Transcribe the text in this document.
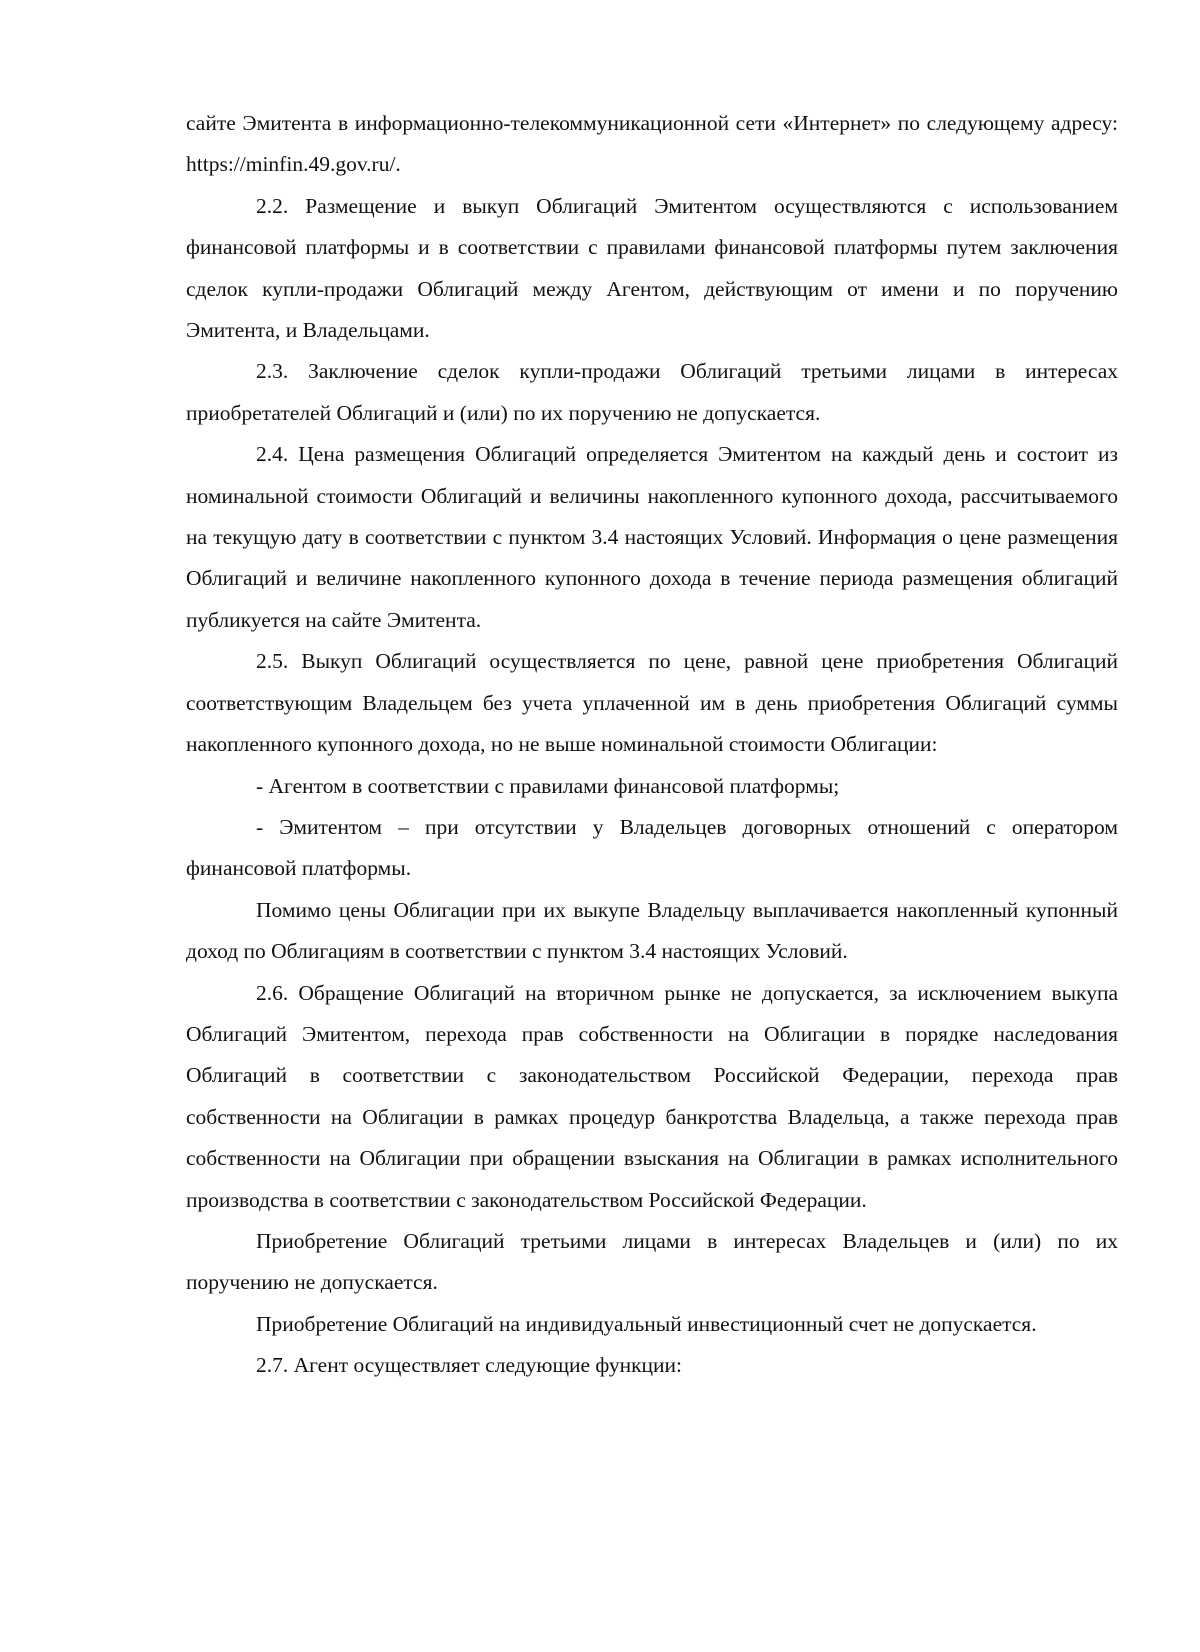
сайте Эмитента в информационно-телекоммуникационной сети «Интернет» по следующему адресу: https://minfin.49.gov.ru/.

2.2. Размещение и выкуп Облигаций Эмитентом осуществляются с использованием финансовой платформы и в соответствии с правилами финансовой платформы путем заключения сделок купли-продажи Облигаций между Агентом, действующим от имени и по поручению Эмитента, и Владельцами.

2.3. Заключение сделок купли-продажи Облигаций третьими лицами в интересах приобретателей Облигаций и (или) по их поручению не допускается.

2.4. Цена размещения Облигаций определяется Эмитентом на каждый день и состоит из номинальной стоимости Облигаций и величины накопленного купонного дохода, рассчитываемого на текущую дату в соответствии с пунктом 3.4 настоящих Условий. Информация о цене размещения Облигаций и величине накопленного купонного дохода в течение периода размещения облигаций публикуется на сайте Эмитента.

2.5. Выкуп Облигаций осуществляется по цене, равной цене приобретения Облигаций соответствующим Владельцем без учета уплаченной им в день приобретения Облигаций суммы накопленного купонного дохода, но не выше номинальной стоимости Облигации:

- Агентом в соответствии с правилами финансовой платформы;

- Эмитентом – при отсутствии у Владельцев договорных отношений с оператором финансовой платформы.

Помимо цены Облигации при их выкупе Владельцу выплачивается накопленный купонный доход по Облигациям в соответствии с пунктом 3.4 настоящих Условий.

2.6. Обращение Облигаций на вторичном рынке не допускается, за исключением выкупа Облигаций Эмитентом, перехода прав собственности на Облигации в порядке наследования Облигаций в соответствии с законодательством Российской Федерации, перехода прав собственности на Облигации в рамках процедур банкротства Владельца, а также перехода прав собственности на Облигации при обращении взыскания на Облигации в рамках исполнительного производства в соответствии с законодательством Российской Федерации.

Приобретение Облигаций третьими лицами в интересах Владельцев и (или) по их поручению не допускается.

Приобретение Облигаций на индивидуальный инвестиционный счет не допускается.

2.7. Агент осуществляет следующие функции:
